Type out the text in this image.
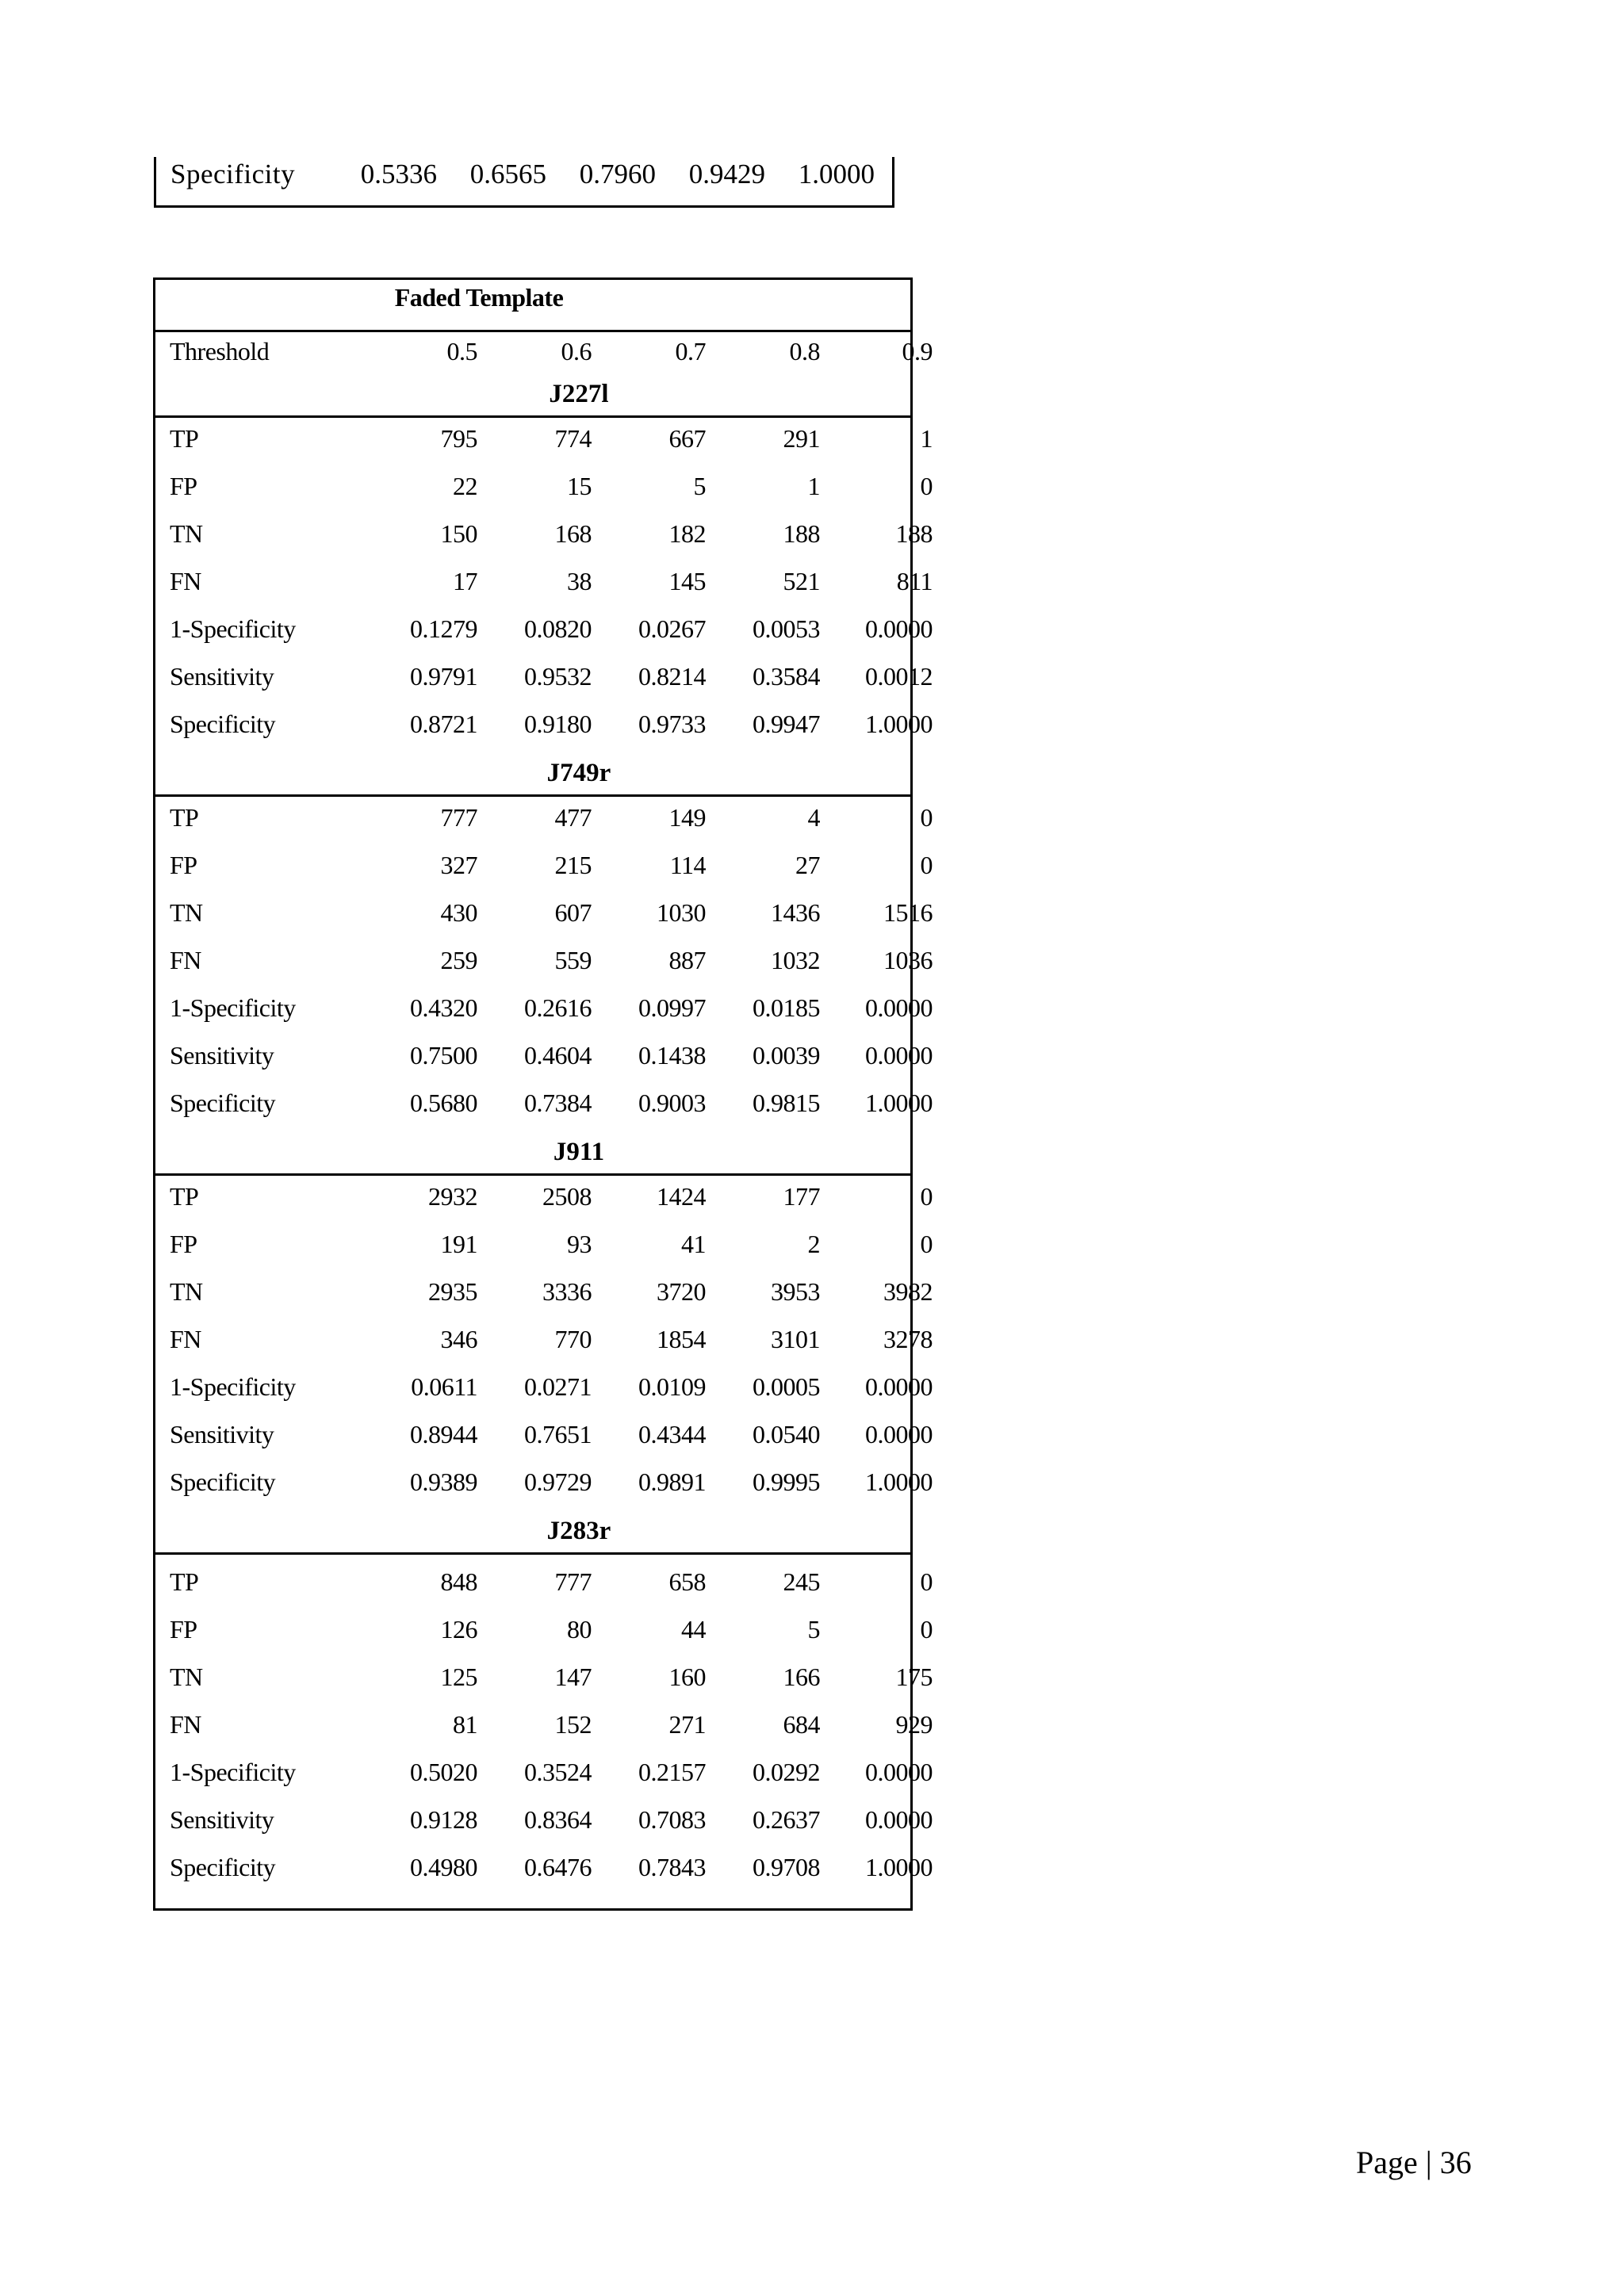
Specificity	0.5336	0.6565	0.7960	0.9429	1.0000
Faded Template
Threshold	0.5	0.6	0.7	0.8	0.9
J227l
TP	795	774	667	291	1
FP	22	15	5	1	0
TN	150	168	182	188	188
FN	17	38	145	521	811
1-Specificity	0.1279	0.0820	0.0267	0.0053	0.0000
Sensitivity	0.9791	0.9532	0.8214	0.3584	0.0012
Specificity	0.8721	0.9180	0.9733	0.9947	1.0000
J749r
TP	777	477	149	4	0
FP	327	215	114	27	0
TN	430	607	1030	1436	1516
FN	259	559	887	1032	1036
1-Specificity	0.4320	0.2616	0.0997	0.0185	0.0000
Sensitivity	0.7500	0.4604	0.1438	0.0039	0.0000
Specificity	0.5680	0.7384	0.9003	0.9815	1.0000
J911
TP	2932	2508	1424	177	0
FP	191	93	41	2	0
TN	2935	3336	3720	3953	3982
FN	346	770	1854	3101	3278
1-Specificity	0.0611	0.0271	0.0109	0.0005	0.0000
Sensitivity	0.8944	0.7651	0.4344	0.0540	0.0000
Specificity	0.9389	0.9729	0.9891	0.9995	1.0000
J283r
TP	848	777	658	245	0
FP	126	80	44	5	0
TN	125	147	160	166	175
FN	81	152	271	684	929
1-Specificity	0.5020	0.3524	0.2157	0.0292	0.0000
Sensitivity	0.9128	0.8364	0.7083	0.2637	0.0000
Specificity	0.4980	0.6476	0.7843	0.9708	1.0000
Page | 36
